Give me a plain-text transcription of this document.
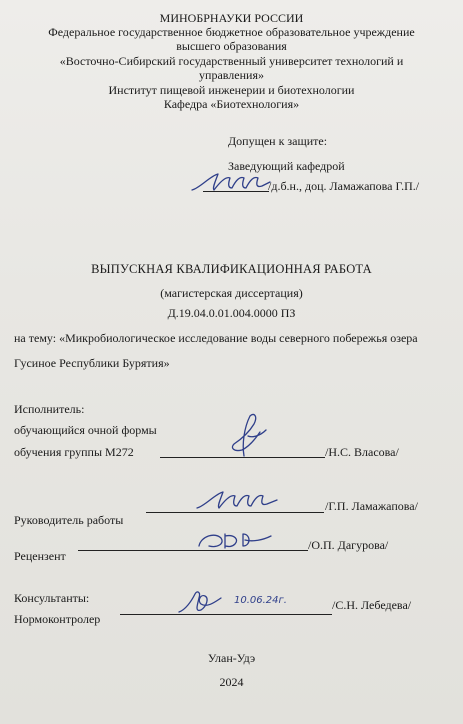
МИНОБРНАУКИ РОССИИ
Федеральное государственное бюджетное образовательное учреждение
высшего образования
«Восточно-Сибирский государственный университет технологий и
управления»
Институт пищевой инженерии и биотехнологии
Кафедра «Биотехнология»
Допущен к защите:
Заведующий кафедрой
/д.б.н., доц. Ламажапова Г.П./
ВЫПУСКНАЯ КВАЛИФИКАЦИОННАЯ РАБОТА
(магистерская диссертация)
Д.19.04.0.01.004.0000 ПЗ
на тему: «Микробиологическое исследование воды северного побережья озера
Гусиное Республики Бурятия»
Исполнитель:
обучающийся очной формы
обучения группы М272	/Н.С. Власова/
Руководитель работы
/Г.П. Ламажапова/
Рецензент
/О.П. Дагурова/
Консультанты:
Нормоконтролер
10.06.24г.	/С.Н. Лебедева/
Улан-Удэ
2024
